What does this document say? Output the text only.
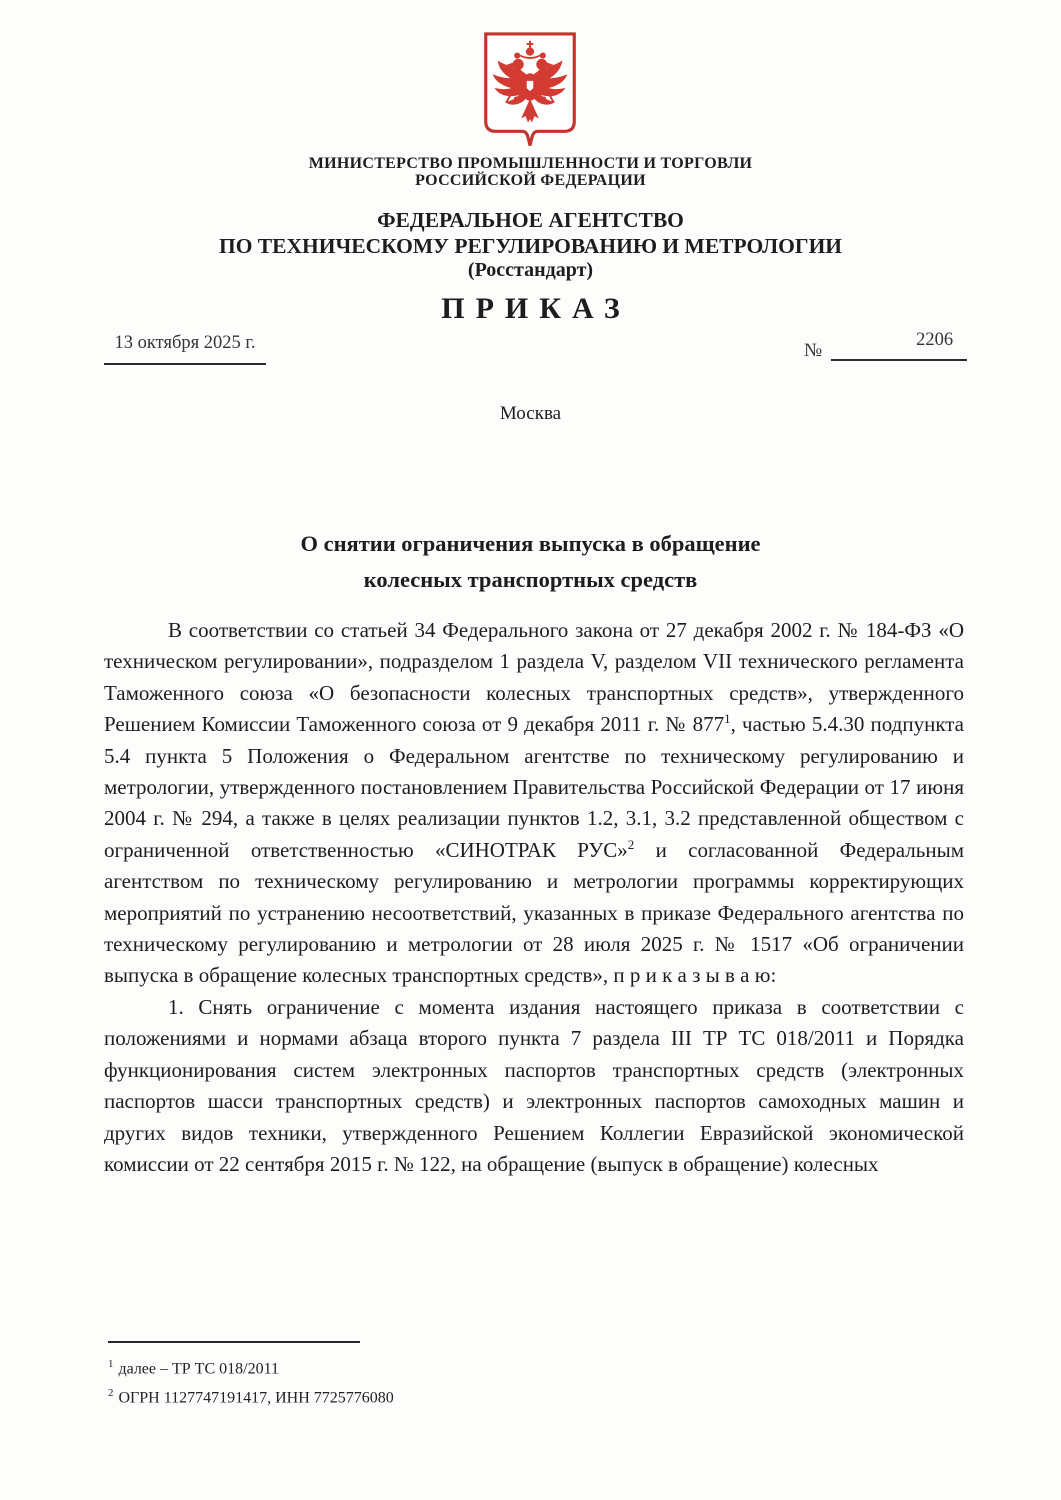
МИНИСТЕРСТВО ПРОМЫШЛЕННОСТИ И ТОРГОВЛИ
РОССИЙСКОЙ ФЕДЕРАЦИИ
ФЕДЕРАЛЬНОЕ АГЕНТСТВО
ПО ТЕХНИЧЕСКОМУ РЕГУЛИРОВАНИЮ И МЕТРОЛОГИИ
(Росстандарт)
ПРИКАЗ
13 октября 2025 г.	№	2206
Москва
О снятии ограничения выпуска в обращение
колесных транспортных средств

В соответствии со статьей 34 Федерального закона от 27 декабря 2002 г. № 184-ФЗ «О техническом регулировании», подразделом 1 раздела V, разделом VII технического регламента Таможенного союза «О безопасности колесных транспортных средств», утвержденного Решением Комиссии Таможенного союза от 9 декабря 2011 г. № $877^1$, частью 5.4.30 подпункта 5.4 пункта 5 Положения о Федеральном агентстве по техническому регулированию и метрологии, утвержденного постановлением Правительства Российской Федерации от 17 июня 2004 г. № 294, а также в целях реализации пунктов 1.2, 3.1, 3.2 представленной обществом с ограниченной ответственностью «СИНОТРАК РУС»$^2$ и согласованной Федеральным агентством по техническому регулированию и метрологии программы корректирующих мероприятий по устранению несоответствий, указанных в приказе Федерального агентства по техническому регулированию и метрологии от 28 июля 2025 г. № 1517 «Об ограничении выпуска в обращение колесных транспортных средств», п р и к а з ы в а ю:

1. Снять ограничение с момента издания настоящего приказа в соответствии с положениями и нормами абзаца второго пункта 7 раздела III ТР ТС 018/2011 и Порядка функционирования систем электронных паспортов транспортных средств (электронных паспортов шасси транспортных средств) и электронных паспортов самоходных машин и других видов техники, утвержденного Решением Коллегии Евразийской экономической комиссии от 22 сентября 2015 г. № 122, на обращение (выпуск в обращение) колесных

$^1$ далее – ТР ТС 018/2011
$^2$ ОГРН 1127747191417, ИНН 7725776080
